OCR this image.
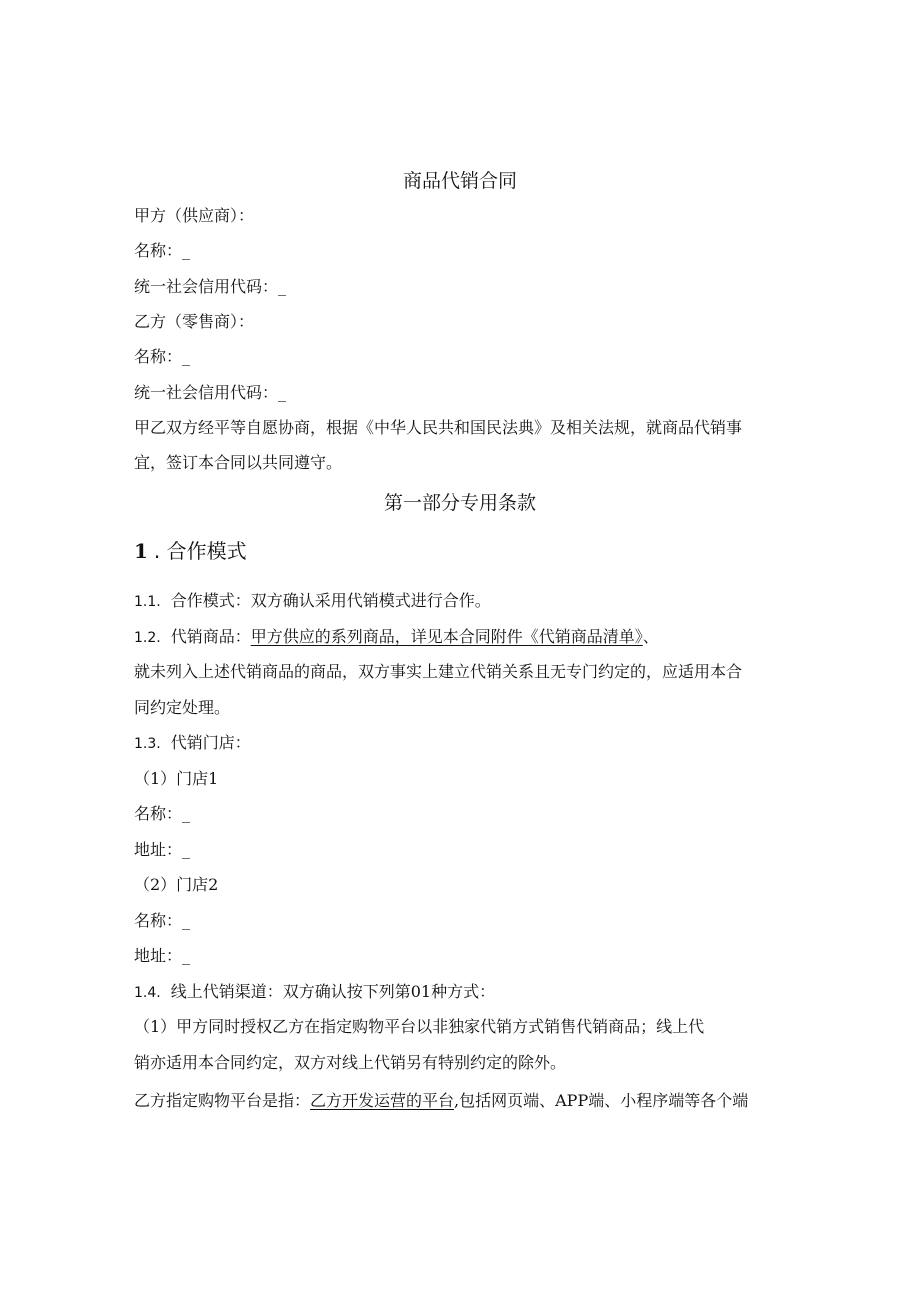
商品代销合同
甲方（供应商）：
名称：_
统一社会信用代码：_
乙方（零售商）：
名称：_
统一社会信用代码：_
甲乙双方经平等自愿协商，根据《中华人民共和国民法典》及相关法规，就商品代销事
宜，签订本合同以共同遵守。
第一部分专用条款
1 . 合作模式
1.1. 合作模式：双方确认采用代销模式进行合作。
1.2. 代销商品：甲方供应的系列商品，详见本合同附件《代销商品清单》、
就未列入上述代销商品的商品，双方事实上建立代销关系且无专门约定的，应适用本合
同约定处理。
1.3. 代销门店：
（1）门店1
名称：_
地址：_
（2）门店2
名称：_
地址：_
1.4. 线上代销渠道：双方确认按下列第01种方式：
（1）甲方同时授权乙方在指定购物平台以非独家代销方式销售代销商品；线上代
销亦适用本合同约定，双方对线上代销另有特别约定的除外。
乙方指定购物平台是指：乙方开发运营的平台,包括网页端、APP端、小程序端等各个端
